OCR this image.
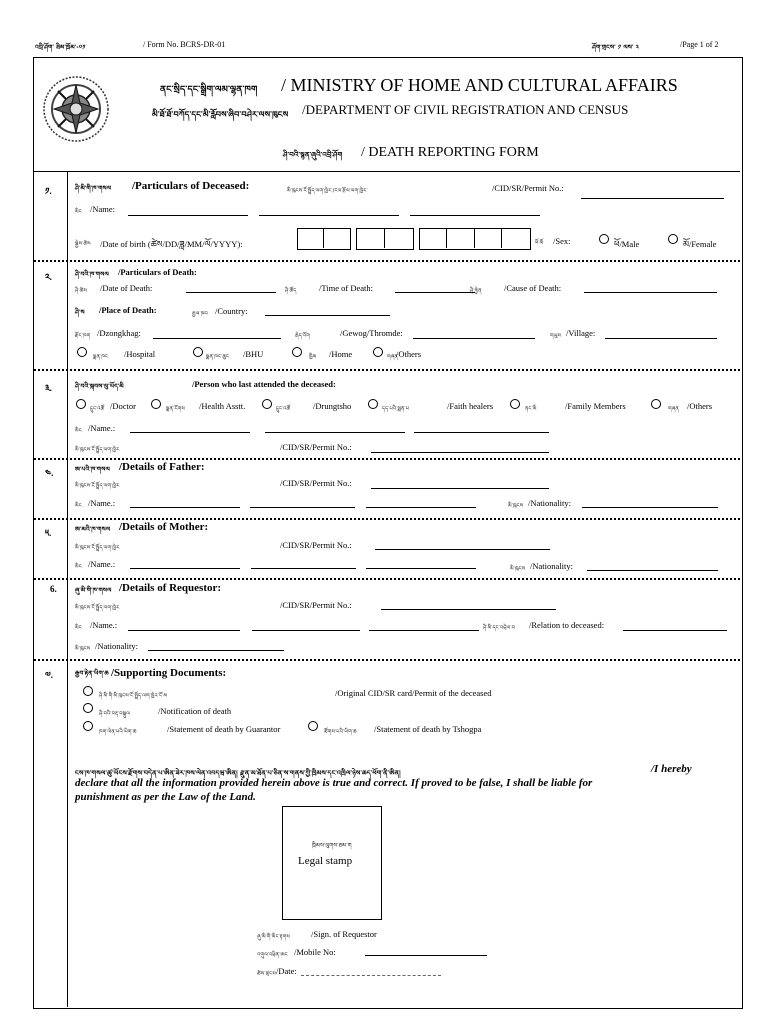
འབྲི་ཤོག་ ཐིམ་ཁྲོམ་-༠༡	/ Form No. BCRS-DR-01	ཤོག་གྲངས་ ༡ ལས་ ༢	/Page 1 of 2
ནང་སྲིད་དང་སྒྲིག་ལམ་ལྷན་ཁག / MINISTRY OF HOME AND CULTURAL AFFAIRS
མི་ཐོ་ཐོ་བཀོད་དང་མི་རློབས་ཞིབ་བཤེར་ལས་ཁུངས /DEPARTMENT OF CIVIL REGISTRATION AND CENSUS
ཤི་བའི་སྙན་ཞུའི་འབྲི་ཤོག / DEATH REPORTING FORM
༡.	ཤི་མི་གི་ཁ་གསལ /Particulars of Deceased:	མི་ཁུངས་ངོ་སྤྲོད་ལག་ཁྱེར་/ངལ་རྩོལ་ལག་ཁྱེར་	/CID/SR/Permit No.:
མིང /Name:
སྐྱེས་ཚེས /Date of birth (ཚེས/DD/ཟླ/MM/ལོ/YYYY):	ཕོ་མོ /Sex:	ཕོ/Male	མོ/Female
༢.	ཤི་བའི་ཁ་གསལ /Particulars of Death:
ཤི་ཚེས /Date of Death:	ཤི་ཚོད	/Time of Death:	ཤི་རྐྱེན	/Cause of Death:
ཤི་ས /Place of Death:	རྒྱལ་ཁབ /Country:
རྫོང་ཁག /Dzongkhag:	རྒེད་འོག	/Gewog/Thromde:	གཡུས /Village:
སྨན་ཁང /Hospital	སྨན་ཁང་ཆུང /BHU	ཁྱིམ /Home	གཞན
/Others
༣.	ཤི་བའི་སྐབས་ལུ་ཡོད་མི	/Person who last attended the deceased:
དྲུང་འཚོ /Doctor	སྨན་རོགས /Health Asstt.	དྲུང་འཚོ	/Drungtsho	དད་པའི་སྨན་པ	/Faith healers	ནང་མི	/Family Members	གཞན /Others
མིང /Name.:
མི་ཁུངས་ངོ་སྤྲོད་ལག་ཁྱེར	/CID/SR/Permit No.:
༤.	ཨ་པའི་ཁ་གསལ /Details of Father:
མི་ཁུངས་ངོ་སྤྲོད་ལག་ཁྱེར	/CID/SR/Permit No.:
མིང /Name.:	མི་ཁུངས /Nationality:
༥.	ཨ་མའི་ཁ་གསལ /Details of Mother:
མི་ཁུངས་ངོ་སྤྲོད་ལག་ཁྱེར	/CID/SR/Permit No.:
མིང /Name.:	མི་ཁུངས /Nationality:
6.	ཞུ་མི་གི་ཁ་གསལ /Details of Requestor:
མི་ཁུངས་ངོ་སྤྲོད་ལག་ཁྱེར	/CID/SR/Permit No.:
མིང /Name.:	ཤི་མི་དང་འབྲེལ་བ /Relation to deceased:
མི་ཁུངས /Nationality:
༧.	རྒྱབ་རྟེན་ཡིག་ཆ /Supporting Documents:
ཤི་མི་གི་མི་ཁུངས་ངོ་སྤྲོད་ལག་ཁྱེར་ངོ་མ	/Original CID/SR card/Permit of the deceased
ཤི་བའི་བརྡ་བསྐུལ	/Notification of death
ཁག་ལེན་པའི་ཡིག་ཆ	/Statement of death by Guarantor	ཚོགས་པའི་ཡིག་ཆ /Statement of death by Tshogpa
ངས་ཁ་གསལ་ཚུ་ཡོངས་རྫོགས་བདེན་པ་ཨིན་ཟེར་ཁས་ལེན་འབདཝ་ཨིན། རྫུན་མ་ཐོན་པ་ཅིན་ས་གནས་ཀྱི་ཁྲིམས་དང་འཁྲིལ་ཉེས་ཆད་ཕོག་ནི་ཨིན།	/I hereby
declare that all the information provided herein above is true and correct. If proved to be false, I shall be liable for
punishment as per the Law of the Land.
ཁྲིམས་ལུགས་ཐམ་ག
Legal stamp
ཞུ་མི་གི་མིང་རྟགས /Sign. of Requestor
འགུལ་འཕྲིན་ཨང /Mobile No:
ཚེས་གྲངས /Date:
